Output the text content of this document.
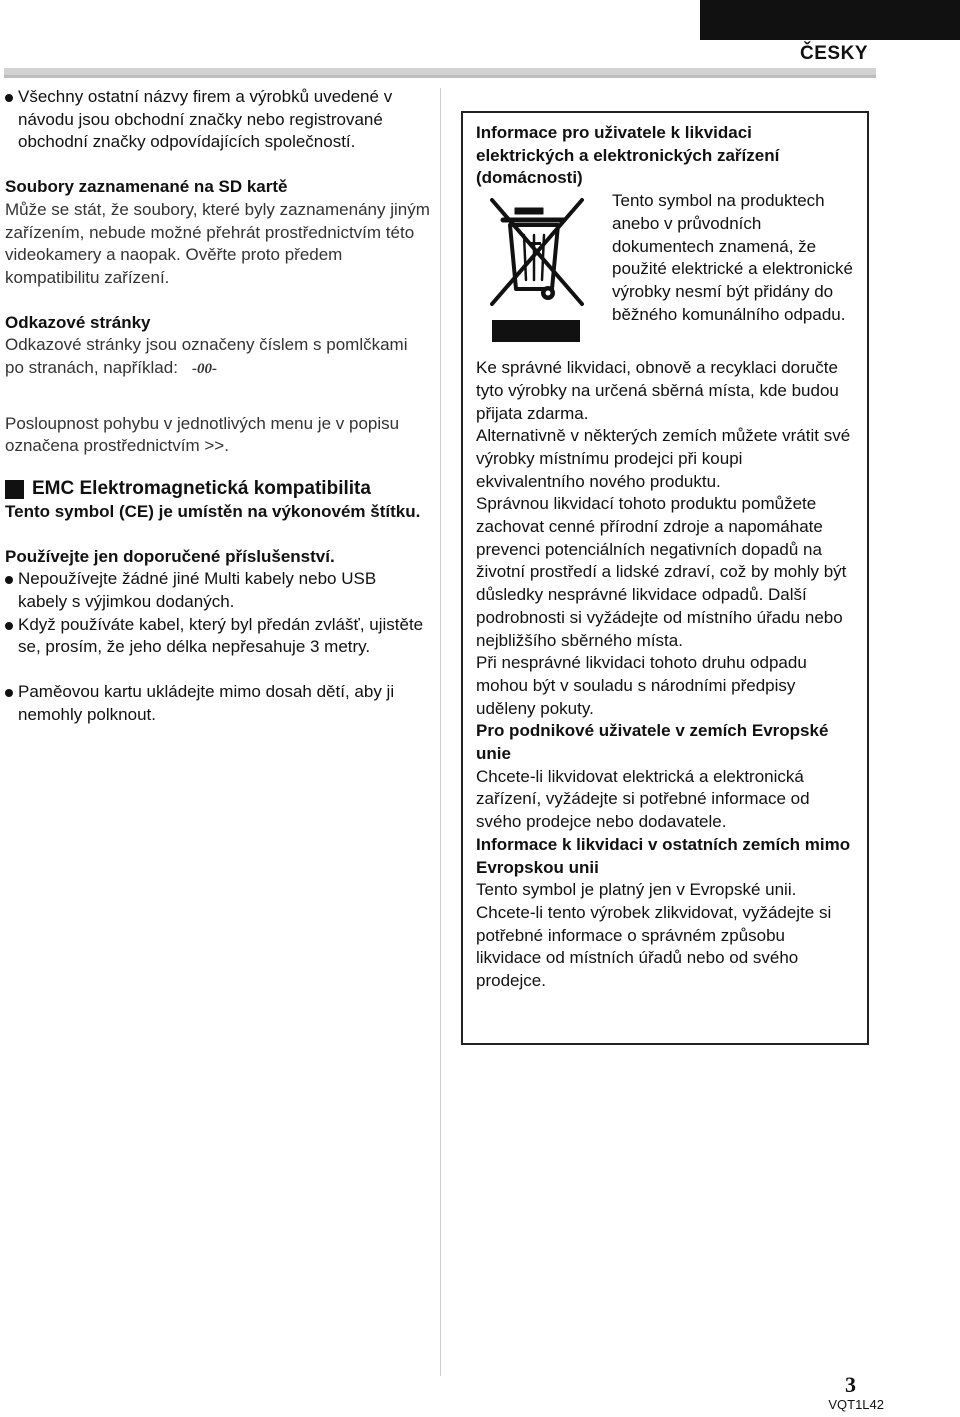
ČESKY

Všechny ostatní názvy firem a výrobků uvedené v návodu jsou obchodní značky nebo registrované obchodní značky odpovídajících společností.

Soubory zaznamenané na SD kartě

Může se stát, že soubory, které byly zaznamenány jiným zařízením, nebude možné přehrát prostřednictvím této videokamery a naopak. Ověřte proto předem kompatibilitu zařízení.

Odkazové stránky

Odkazové stránky jsou označeny číslem s pomlčkami po stranách, například: -00-

Posloupnost pohybu v jednotlivých menu je v popisu označena prostřednictvím >>.

EMC Elektromagnetická kompatibilita

Tento symbol (CE) je umístěn na výkonovém štítku.

Používejte jen doporučené příslušenství.

Nepoužívejte žádné jiné Multi kabely nebo USB kabely s výjimkou dodaných.

Když používáte kabel, který byl předán zvlášť, ujistěte se, prosím, že jeho délka nepřesahuje 3 metry.

Paměovou kartu ukládejte mimo dosah dětí, aby ji nemohly polknout.

Informace pro uživatele k likvidaci elektrických a elektronických zařízení (domácnosti)

Tento symbol na produktech anebo v průvodních dokumentech znamená, že použité elektrické a elektronické výrobky nesmí být přidány do běžného komunálního odpadu.

Ke správné likvidaci, obnově a recyklaci doručte tyto výrobky na určená sběrná místa, kde budou přijata zdarma.

Alternativně v některých zemích můžete vrátit své výrobky místnímu prodejci při koupi ekvivalentního nového produktu.

Správnou likvidací tohoto produktu pomůžete zachovat cenné přírodní zdroje a napomáhate prevenci potenciálních negativních dopadů na životní prostředí a lidské zdraví, což by mohly být důsledky nesprávné likvidace odpadů. Další podrobnosti si vyžádejte od místního úřadu nebo nejbližšího sběrného místa.

Při nesprávné likvidaci tohoto druhu odpadu mohou být v souladu s národními předpisy uděleny pokuty.

Pro podnikové uživatele v zemích Evropské unie

Chcete-li likvidovat elektrická a elektronická zařízení, vyžádejte si potřebné informace od svého prodejce nebo dodavatele.

Informace k likvidaci v ostatních zemích mimo Evropskou unii

Tento symbol je platný jen v Evropské unii. Chcete-li tento výrobek zlikvidovat, vyžádejte si potřebné informace o správném způsobu likvidace od místních úřadů nebo od svého prodejce.

3
VQT1L42
